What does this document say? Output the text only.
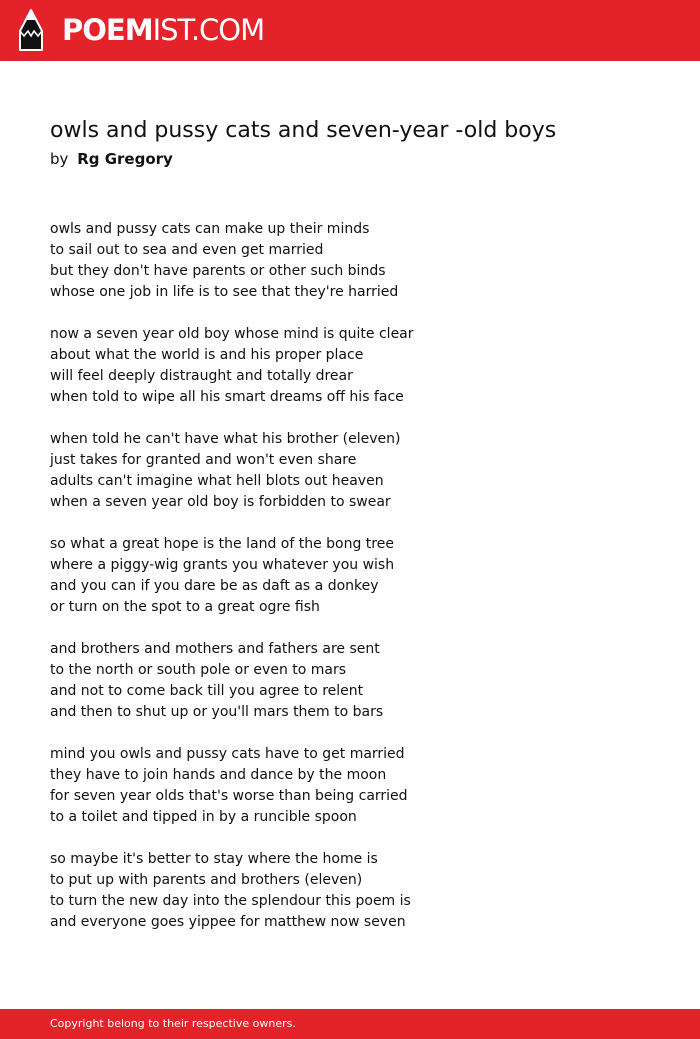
POEMIST.COM
owls and pussy cats and seven-year -old boys
by Rg Gregory
owls and pussy cats can make up their minds
to sail out to sea and even get married
but they don't have parents or other such binds
whose one job in life is to see that they're harried
now a seven year old boy whose mind is quite clear
about what the world is and his proper place
will feel deeply distraught and totally drear
when told to wipe all his smart dreams off his face
when told he can't have what his brother (eleven)
just takes for granted and won't even share
adults can't imagine what hell blots out heaven
when a seven year old boy is forbidden to swear
so what a great hope is the land of the bong tree
where a piggy-wig grants you whatever you wish
and you can if you dare be as daft as a donkey
or turn on the spot to a great ogre fish
and brothers and mothers and fathers are sent
to the north or south pole or even to mars
and not to come back till you agree to relent
and then to shut up or you'll mars them to bars
mind you owls and pussy cats have to get married
they have to join hands and dance by the moon
for seven year olds that's worse than being carried
to a toilet and tipped in by a runcible spoon
so maybe it's better to stay where the home is
to put up with parents and brothers (eleven)
to turn the new day into the splendour this poem is
and everyone goes yippee for matthew now seven
Copyright belong to their respective owners.
